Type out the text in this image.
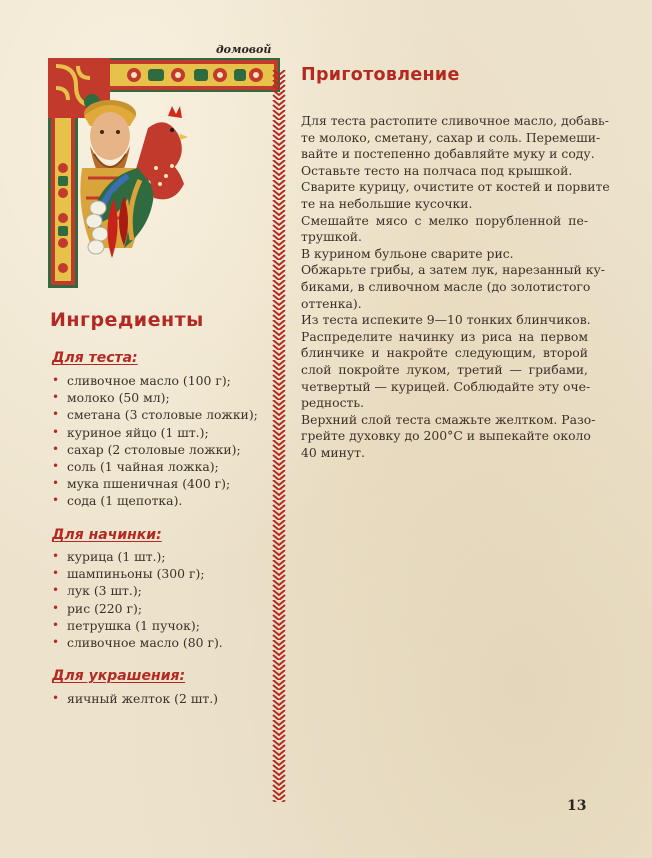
домовой
Ингредиенты
Для теста:
• сливочное масло (100 г);
• молоко (50 мл);
• сметана (3 столовые ложки);
• куриное яйцо (1 шт.);
• сахар (2 столовые ложки);
• соль (1 чайная ложка);
• мука пшеничная (400 г);
• сода (1 щепотка).
Для начинки:
• курица (1 шт.);
• шампиньоны (300 г);
• лук (3 шт.);
• рис (220 г);
• петрушка (1 пучок);
• сливочное масло (80 г).
Для украшения:
• яичный желток (2 шт.)
Приготовление
Для теста растопите сливочное масло, добавь-
те молоко, сметану, сахар и соль. Перемеши-
вайте и постепенно добавляйте муку и соду.
Оставьте тесто на полчаса под крышкой.
Сварите курицу, очистите от костей и порвите
те на небольшие кусочки.
Смешайте мясо с мелко порубленной пе-
трушкой.
В курином бульоне сварите рис.
Обжарьте грибы, а затем лук, нарезанный ку-
биками, в сливочном масле (до золотистого
оттенка).
Из теста испеките 9—10 тонких блинчиков.
Распределите начинку из риса на первом
блинчике и накройте следующим, второй
слой покройте луком, третий — грибами,
четвертый — курицей. Соблюдайте эту оче-
редность.
Верхний слой теста смажьте желтком. Разо-
грейте духовку до 200°С и выпекайте около
40 минут.
13
